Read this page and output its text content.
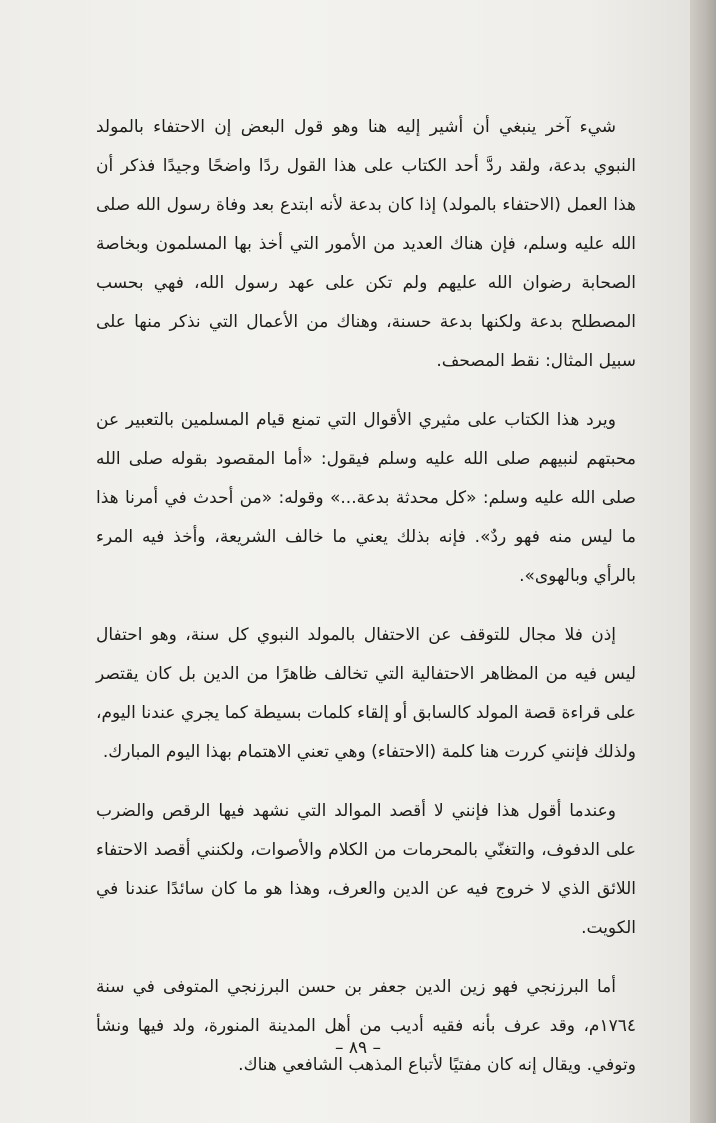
شيء آخر ينبغي أن أشير إليه هنا وهو قول البعض إن الاحتفاء بالمولد النبوي بدعة، ولقد ردَّ أحد الكتاب على هذا القول ردًا واضحًا وجيدًا فذكر أن هذا العمل (الاحتفاء بالمولد) إذا كان بدعة لأنه ابتدع بعد وفاة رسول الله صلى الله عليه وسلم، فإن هناك العديد من الأمور التي أخذ بها المسلمون وبخاصة الصحابة رضوان الله عليهم ولم تكن على عهد رسول الله، فهي بحسب المصطلح بدعة ولكنها بدعة حسنة، وهناك من الأعمال التي نذكر منها على سبيل المثال: نقط المصحف.

ويرد هذا الكتاب على مثيري الأقوال التي تمنع قيام المسلمين بالتعبير عن محبتهم لنبيهم صلى الله عليه وسلم فيقول: «أما المقصود بقوله صلى الله صلى الله عليه وسلم: «كل محدثة بدعة...» وقوله: «من أحدث في أمرنا هذا ما ليس منه فهو ردٌ». فإنه بذلك يعني ما خالف الشريعة، وأخذ فيه المرء بالرأي وبالهوى».

إذن فلا مجال للتوقف عن الاحتفال بالمولد النبوي كل سنة، وهو احتفال ليس فيه من المظاهر الاحتفالية التي تخالف ظاهرًا من الدين بل كان يقتصر على قراءة قصة المولد كالسابق أو إلقاء كلمات بسيطة كما يجري عندنا اليوم، ولذلك فإنني كررت هنا كلمة (الاحتفاء) وهي تعني الاهتمام بهذا اليوم المبارك.

وعندما أقول هذا فإنني لا أقصد الموالد التي نشهد فيها الرقص والضرب على الدفوف، والتغنّي بالمحرمات من الكلام والأصوات، ولكنني أقصد الاحتفاء اللائق الذي لا خروج فيه عن الدين والعرف، وهذا هو ما كان سائدًا عندنا في الكويت.

أما البرزنجي فهو زين الدين جعفر بن حسن البرزنجي المتوفى في سنة ١٧٦٤م، وقد عرف بأنه فقيه أديب من أهل المدينة المنورة، ولد فيها ونشأ وتوفي. ويقال إنه كان مفتيًا لأتباع المذهب الشافعي هناك.

– ٨٩ –
